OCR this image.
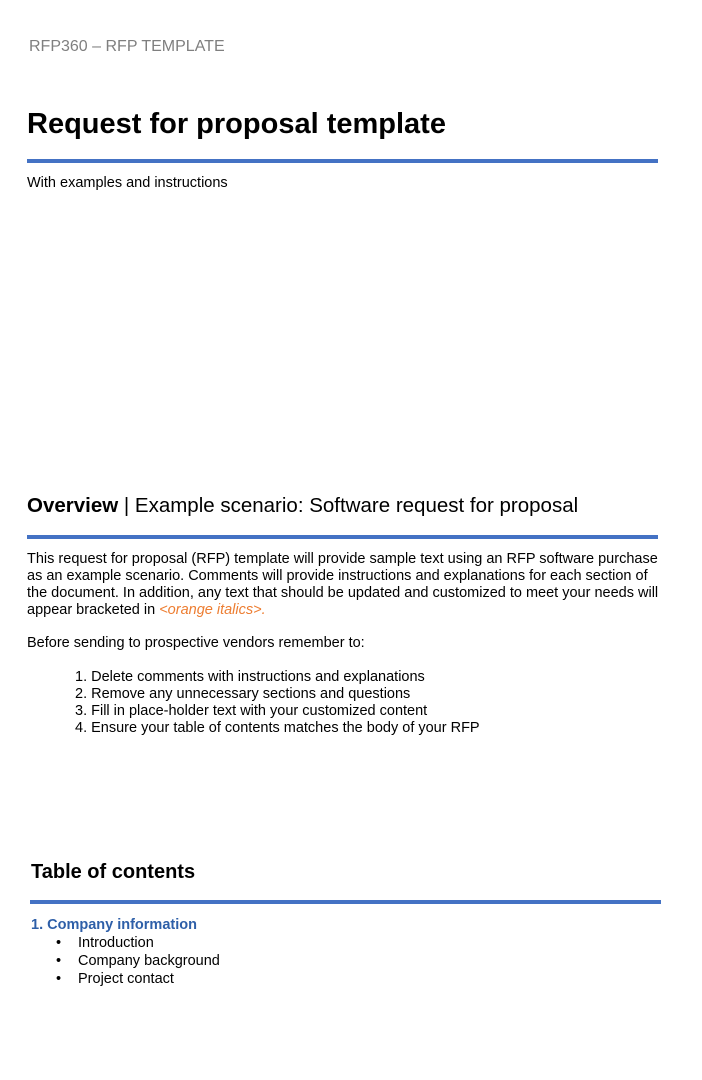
RFP360 – RFP TEMPLATE
Request for proposal template
With examples and instructions
Overview | Example scenario: Software request for proposal

This request for proposal (RFP) template will provide sample text using an RFP software purchase as an example scenario. Comments will provide instructions and explanations for each section of the document. In addition, any text that should be updated and customized to meet your needs will appear bracketed in <orange italics>.

Before sending to prospective vendors remember to:

1. Delete comments with instructions and explanations
2. Remove any unnecessary sections and questions
3. Fill in place-holder text with your customized content
4. Ensure your table of contents matches the body of your RFP
Table of contents
1. Company information
• Introduction
• Company background
• Project contact
